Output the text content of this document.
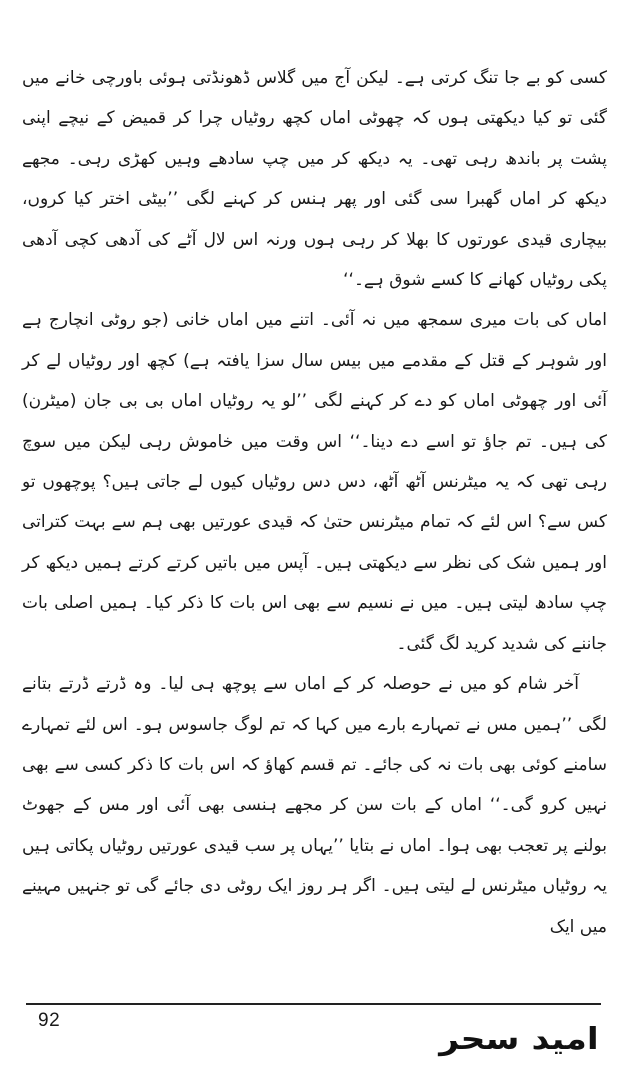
کسی کو بے جا تنگ کرتی ہے۔ لیکن آج میں گلاس ڈھونڈتی ہوئی باورچی خانے میں گئی تو کیا دیکھتی ہوں کہ چھوٹی اماں کچھ روٹیاں چرا کر قمیض کے نیچے اپنی پشت پر باندھ رہی تھی۔ یہ دیکھ کر میں چپ سادھے وہیں کھڑی رہی۔ مجھے دیکھ کر اماں گھبرا سی گئی اور پھر ہنس کر کہنے لگی ’’بیٹی اختر کیا کروں، بیچاری قیدی عورتوں کا بھلا کر رہی ہوں ورنہ اس لال آٹے کی آدھی کچی آدھی پکی روٹیاں کھانے کا کسے شوق ہے۔‘‘

اماں کی بات میری سمجھ میں نہ آئی۔ اتنے میں اماں خانی (جو روٹی انچارج ہے اور شوہر کے قتل کے مقدمے میں بیس سال سزا یافتہ ہے) کچھ اور روٹیاں لے کر آئی اور چھوٹی اماں کو دے کر کہنے لگی ’’لو یہ روٹیاں اماں بی بی جان (میٹرن) کی ہیں۔ تم جاؤ تو اسے دے دینا۔‘‘ اس وقت میں خاموش رہی لیکن میں سوچ رہی تھی کہ یہ میٹرنس آٹھ آٹھ، دس دس روٹیاں کیوں لے جاتی ہیں؟ پوچھوں تو کس سے؟ اس لئے کہ تمام میٹرنس حتیٰ کہ قیدی عورتیں بھی ہم سے بہت کتراتی اور ہمیں شک کی نظر سے دیکھتی ہیں۔ آپس میں باتیں کرتے کرتے ہمیں دیکھ کر چپ سادھ لیتی ہیں۔ میں نے نسیم سے بھی اس بات کا ذکر کیا۔ ہمیں اصلی بات جاننے کی شدید کرید لگ گئی۔

آخر شام کو میں نے حوصلہ کر کے اماں سے پوچھ ہی لیا۔ وہ ڈرتے ڈرتے بتانے لگی ’’ہمیں مس نے تمہارے بارے میں کہا کہ تم لوگ جاسوس ہو۔ اس لئے تمہارے سامنے کوئی بھی بات نہ کی جائے۔ تم قسم کھاؤ کہ اس بات کا ذکر کسی سے بھی نہیں کرو گی۔‘‘ اماں کے بات سن کر مجھے ہنسی بھی آئی اور مس کے جھوٹ بولنے پر تعجب بھی ہوا۔ اماں نے بتایا ’’یہاں پر سب قیدی عورتیں روٹیاں پکاتی ہیں یہ روٹیاں میٹرنس لے لیتی ہیں۔ اگر ہر روز ایک روٹی دی جائے گی تو جنہیں مہینے میں ایک

92
امید سحر
